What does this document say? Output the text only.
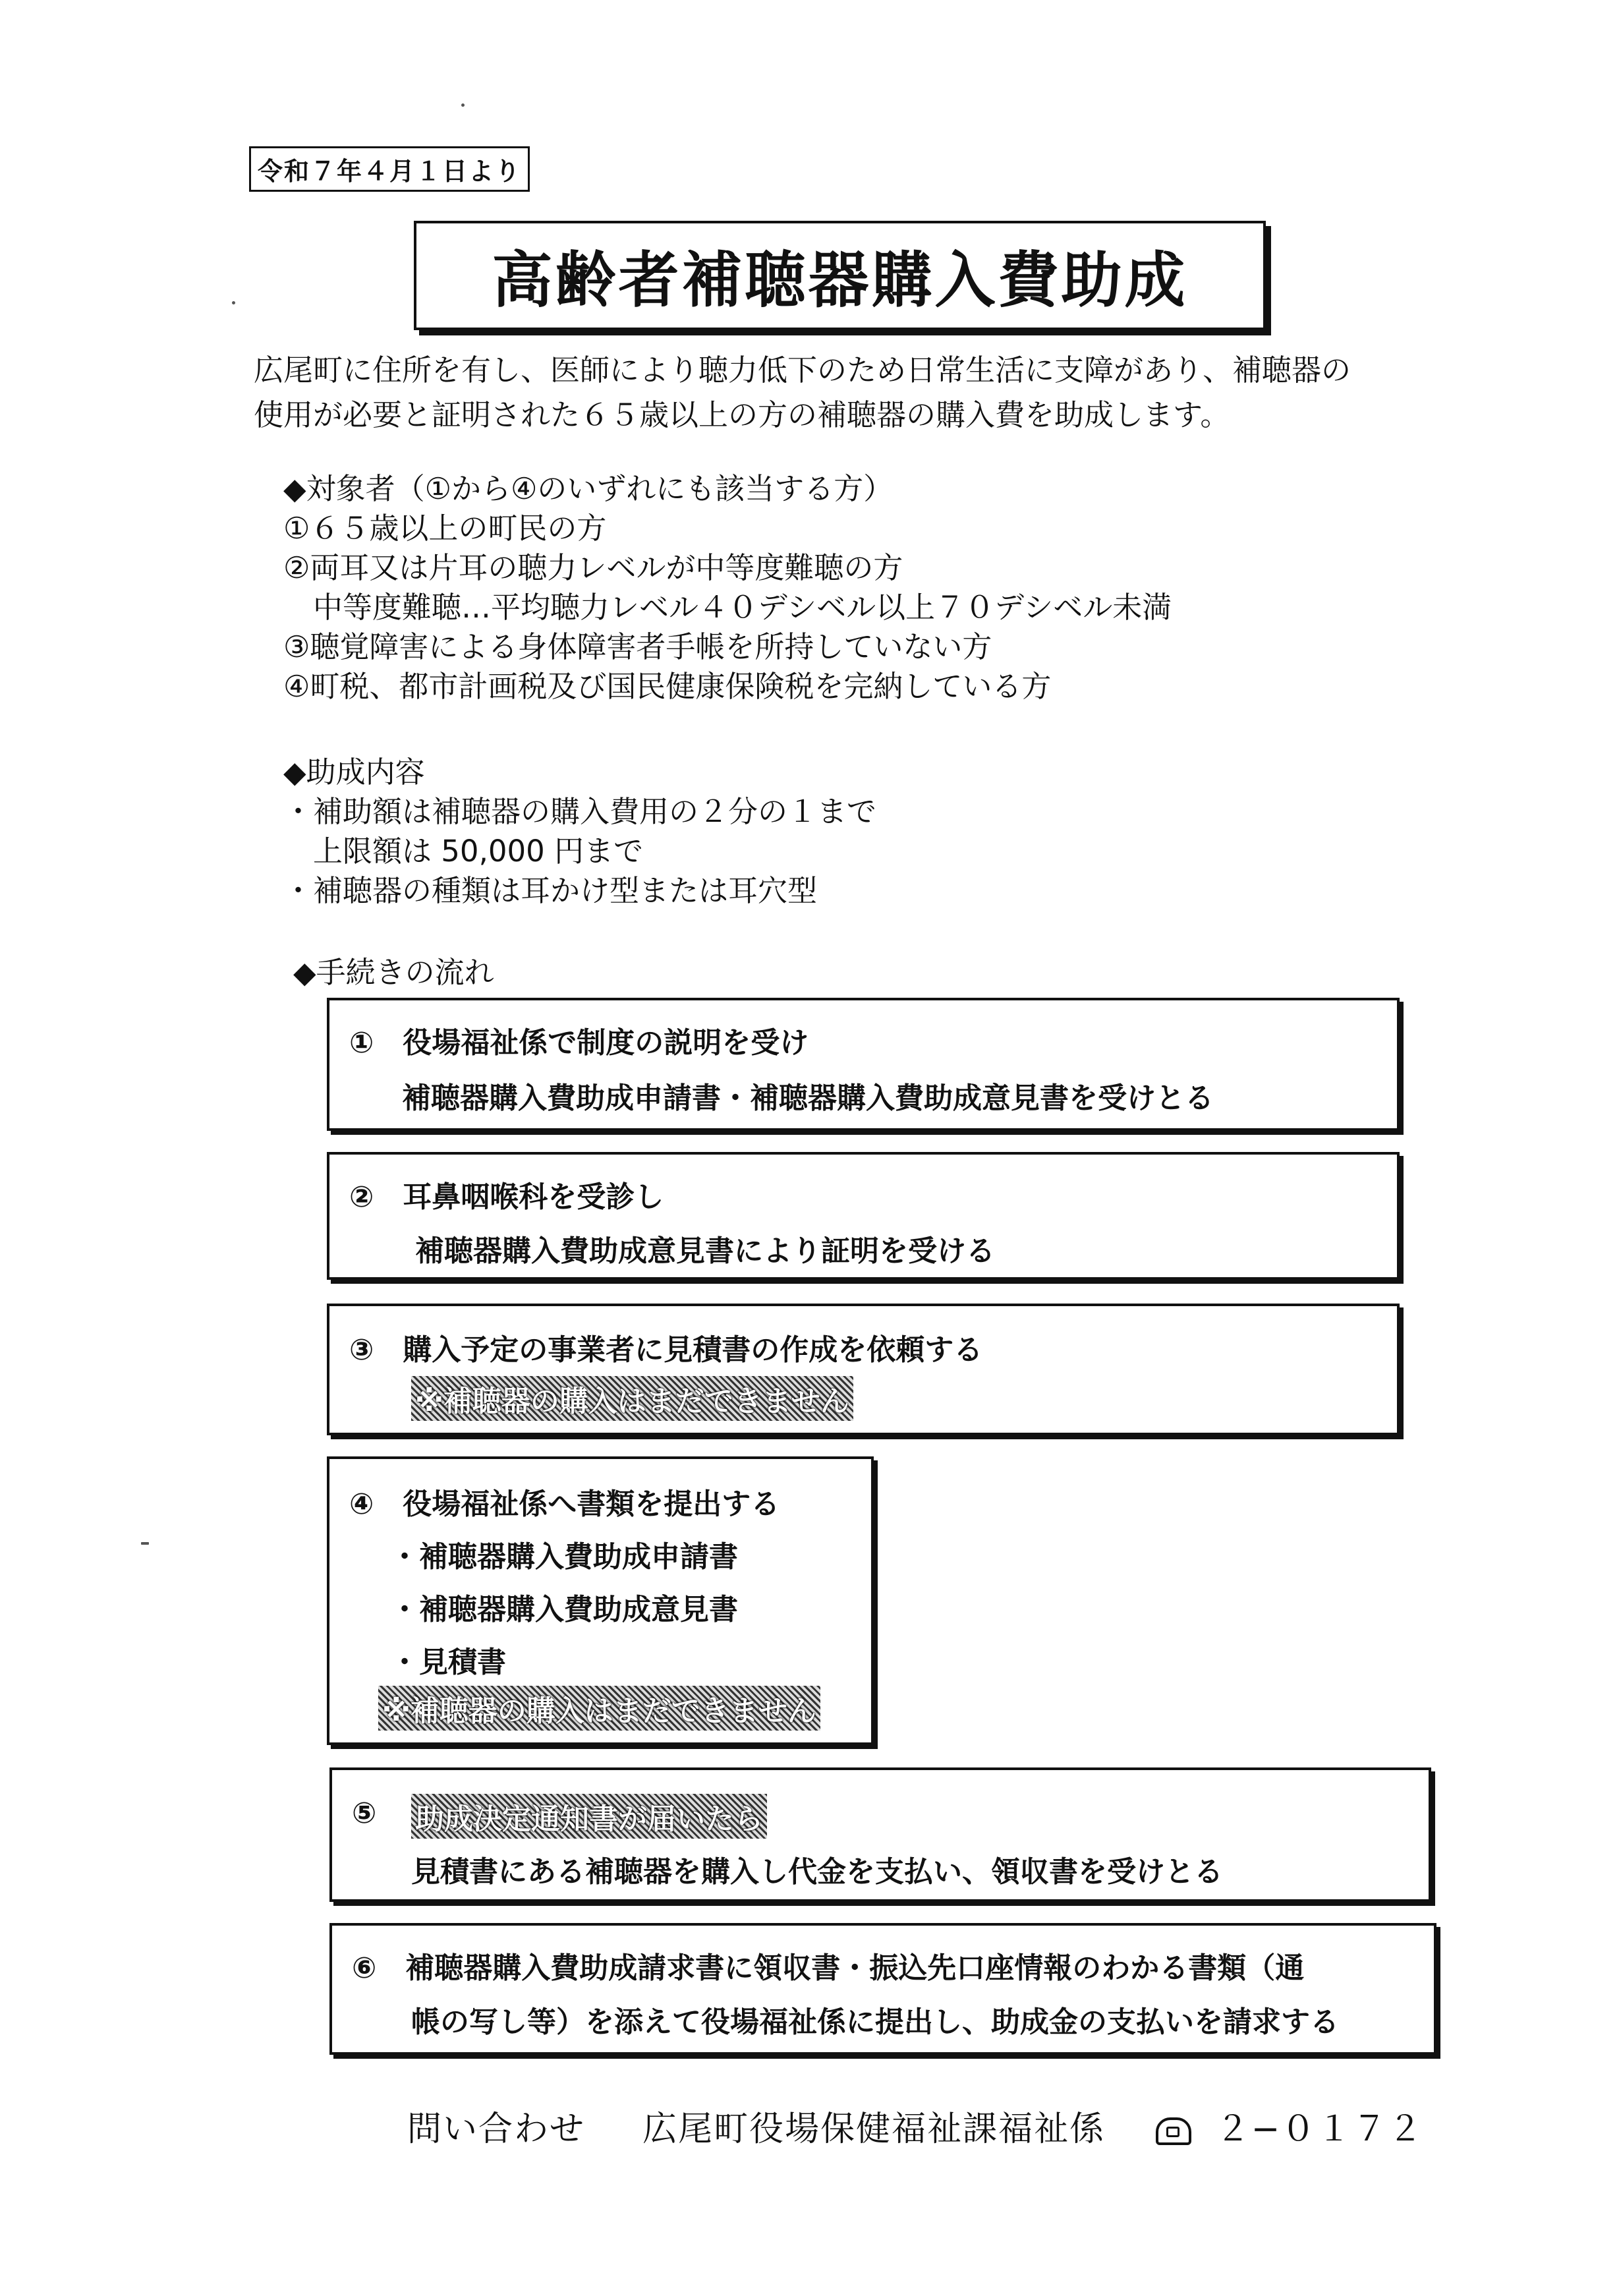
令和７年４月１日より
高齢者補聴器購入費助成
広尾町に住所を有し、医師により聴力低下のため日常生活に支障があり、補聴器の
使用が必要と証明された６５歳以上の方の補聴器の購入費を助成します。
◆対象者（①から④のいずれにも該当する方）
①６５歳以上の町民の方
②両耳又は片耳の聴力レベルが中等度難聴の方
　中等度難聴…平均聴力レベル４０デシベル以上７０デシベル未満
③聴覚障害による身体障害者手帳を所持していない方
④町税、都市計画税及び国民健康保険税を完納している方
◆助成内容
・補助額は補聴器の購入費用の２分の１まで
　上限額は 50,000 円まで
・補聴器の種類は耳かけ型または耳穴型
◆手続きの流れ
①　役場福祉係で制度の説明を受け
補聴器購入費助成申請書・補聴器購入費助成意見書を受けとる
②　耳鼻咽喉科を受診し
補聴器購入費助成意見書により証明を受ける
③　購入予定の事業者に見積書の作成を依頼する
※補聴器の購入はまだできません
④　役場福祉係へ書類を提出する
・補聴器購入費助成申請書
・補聴器購入費助成意見書
・見積書
※補聴器の購入はまだできません
⑤ 助成決定通知書が届いたら
見積書にある補聴器を購入し代金を支払い、領収書を受けとる
⑥　補聴器購入費助成請求書に領収書・振込先口座情報のわかる書類（通
帳の写し等）を添えて役場福祉係に提出し、助成金の支払いを請求する
問い合わせ 広尾町役場保健福祉課福祉係	２−０１７２
